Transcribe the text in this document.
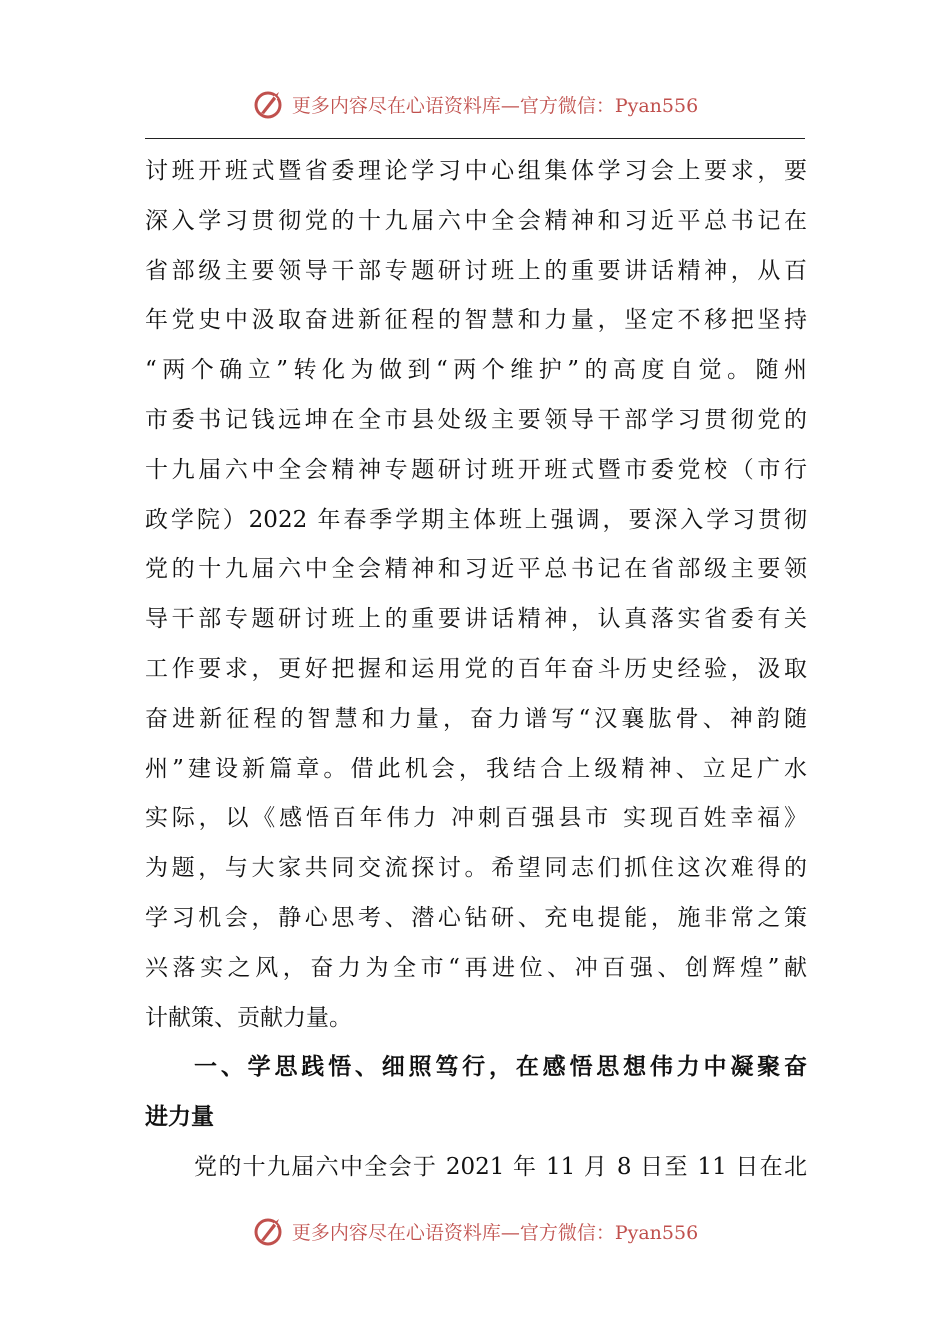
更多内容尽在心语资料库—官方微信：Pyan556
讨班开班式暨省委理论学习中心组集体学习会上要求，要
深入学习贯彻党的十九届六中全会精神和习近平总书记在
省部级主要领导干部专题研讨班上的重要讲话精神，从百
年党史中汲取奋进新征程的智慧和力量，坚定不移把坚持
“两个确立”转化为做到“两个维护”的高度自觉。随州
市委书记钱远坤在全市县处级主要领导干部学习贯彻党的
十九届六中全会精神专题研讨班开班式暨市委党校（市行
政学院）2022 年春季学期主体班上强调，要深入学习贯彻
党的十九届六中全会精神和习近平总书记在省部级主要领
导干部专题研讨班上的重要讲话精神，认真落实省委有关
工作要求，更好把握和运用党的百年奋斗历史经验，汲取
奋进新征程的智慧和力量，奋力谱写“汉襄肱骨、神韵随
州”建设新篇章。借此机会，我结合上级精神、立足广水
实际，以《感悟百年伟力 冲刺百强县市 实现百姓幸福》
为题，与大家共同交流探讨。希望同志们抓住这次难得的
学习机会，静心思考、潜心钻研、充电提能，施非常之策
兴落实之风，奋力为全市“再进位、冲百强、创辉煌”献
计献策、贡献力量。
一、学思践悟、细照笃行，在感悟思想伟力中凝聚奋
进力量
党的十九届六中全会于 2021 年 11 月 8 日至 11 日在北
更多内容尽在心语资料库—官方微信：Pyan556
